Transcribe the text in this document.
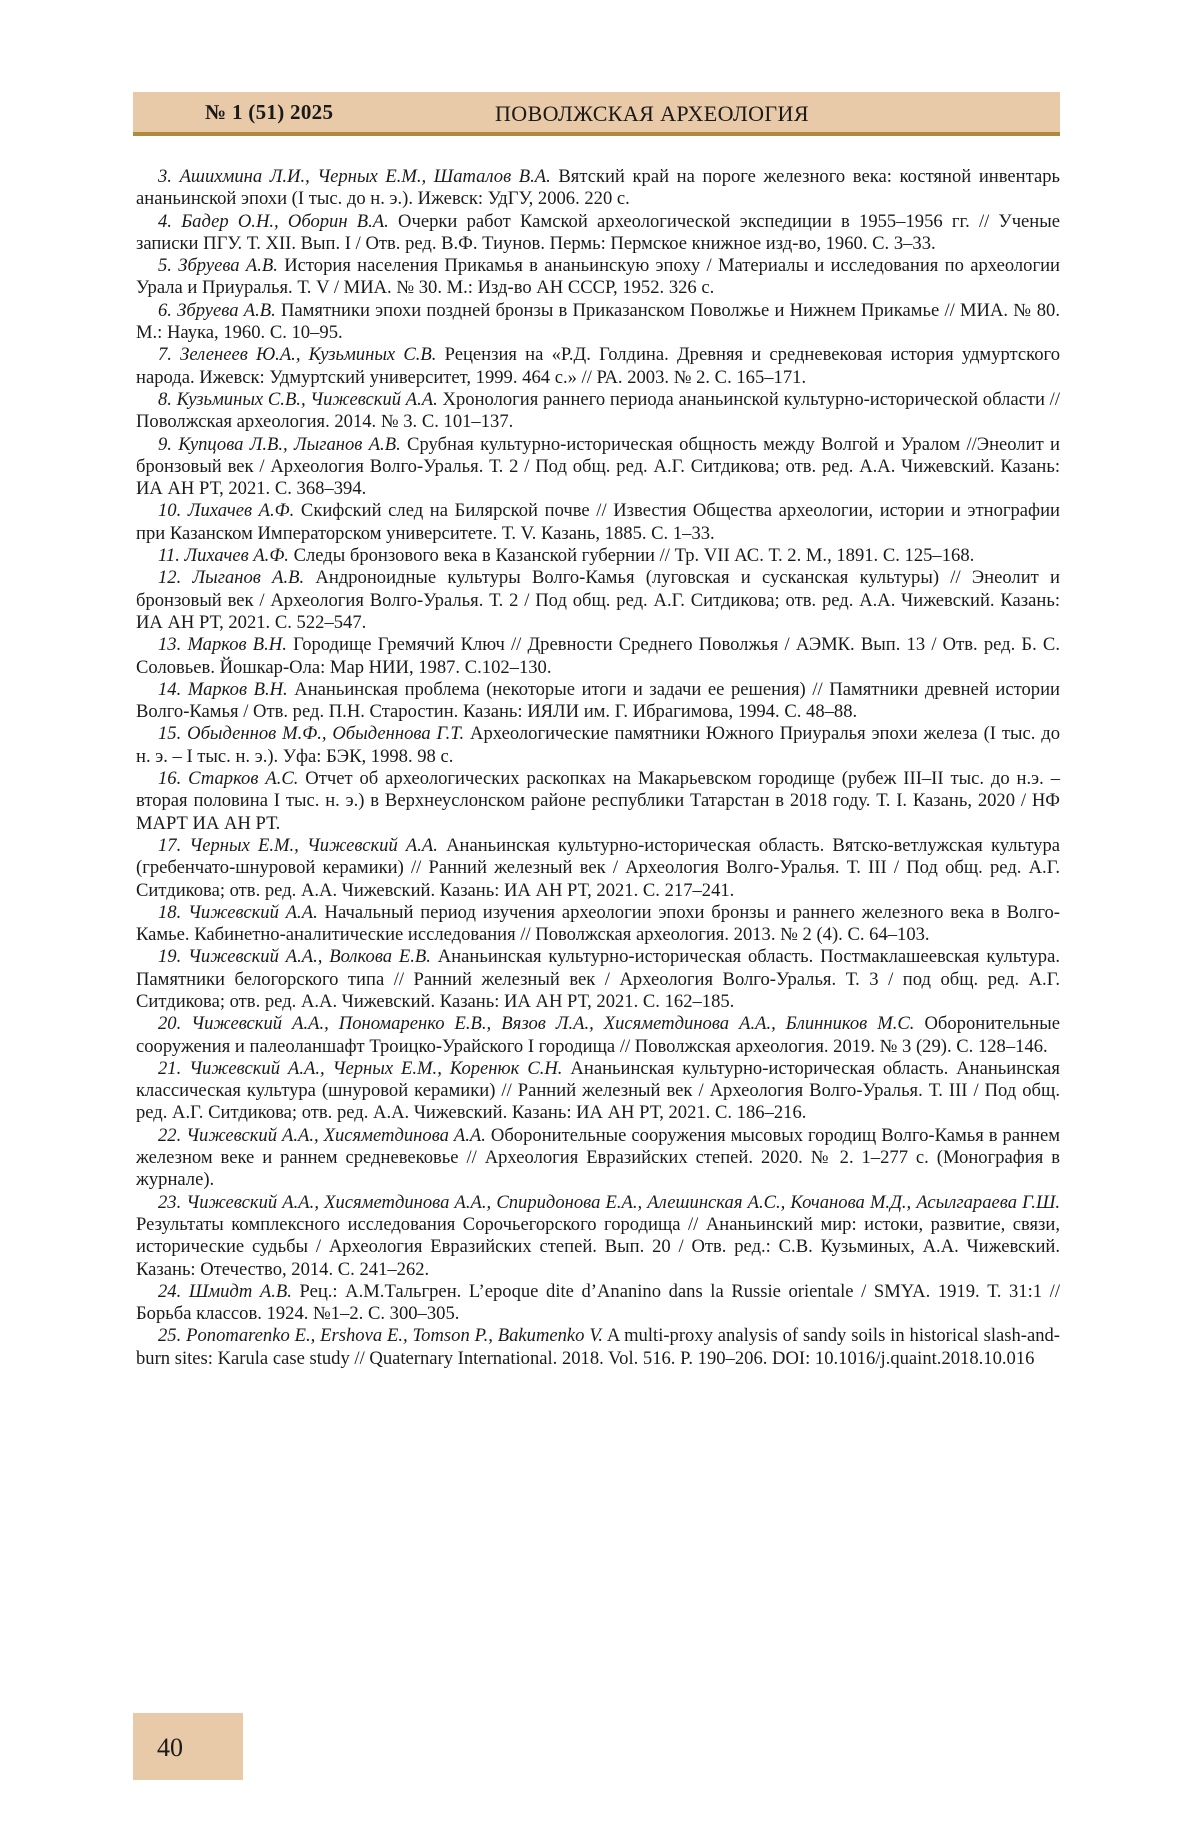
№ 1 (51) 2025	ПОВОЛЖСКАЯ АРХЕОЛОГИЯ

3. Ашихмина Л.И., Черных Е.М., Шаталов В.А. Вятский край на пороге железного века: костяной инвентарь ананьинской эпохи (I тыс. до н. э.). Ижевск: УдГУ, 2006. 220 с.

4. Бадер О.Н., Оборин В.А. Очерки работ Камской археологической экспедиции в 1955–1956 гг. // Ученые записки ПГУ. Т. XII. Вып. I / Отв. ред. В.Ф. Тиунов. Пермь: Пермское книжное изд-во, 1960. С. 3–33.

5. Збруева А.В. История населения Прикамья в ананьинскую эпоху / Материалы и исследования по археологии Урала и Приуралья. Т. V / МИА. № 30. М.: Изд-во АН СССР, 1952. 326 с.

6. Збруева А.В. Памятники эпохи поздней бронзы в Приказанском Поволжье и Нижнем Прикамье // МИА. № 80. М.: Наука, 1960. С. 10–95.

7. Зеленеев Ю.А., Кузьминых С.В. Рецензия на «Р.Д. Голдина. Древняя и средневековая история удмуртского народа. Ижевск: Удмуртский университет, 1999. 464 с.» // РА. 2003. № 2. С. 165–171.

8. Кузьминых С.В., Чижевский А.А. Хронология раннего периода ананьинской культурно-исторической области // Поволжская археология. 2014. № 3. С. 101–137.

9. Купцова Л.В., Лыганов А.В. Срубная культурно-историческая общность между Волгой и Уралом //Энеолит и бронзовый век / Археология Волго-Уралья. Т. 2 / Под общ. ред. А.Г. Ситдикова; отв. ред. А.А. Чижевский. Казань: ИА АН РТ, 2021. С. 368–394.

10. Лихачев А.Ф. Скифский след на Билярской почве // Известия Общества археологии, истории и этнографии при Казанском Императорском университете. Т. V. Казань, 1885. С. 1–33.

11. Лихачев А.Ф. Следы бронзового века в Казанской губернии // Тр. VII АС. Т. 2. М., 1891. С. 125–168.

12. Лыганов А.В. Андроноидные культуры Волго-Камья (луговская и сусканская культуры) // Энеолит и бронзовый век / Археология Волго-Уралья. Т. 2 / Под общ. ред. А.Г. Ситдикова; отв. ред. А.А. Чижевский. Казань: ИА АН РТ, 2021. С. 522–547.

13. Марков В.Н. Городище Гремячий Ключ // Древности Среднего Поволжья / АЭМК. Вып. 13 / Отв. ред. Б. С. Соловьев. Йошкар-Ола: Мар НИИ, 1987. С.102–130.

14. Марков В.Н. Ананьинская проблема (некоторые итоги и задачи ее решения) // Памятники древней истории Волго-Камья / Отв. ред. П.Н. Старостин. Казань: ИЯЛИ им. Г. Ибрагимова, 1994. С. 48–88.

15. Обыденнов М.Ф., Обыденнова Г.Т. Археологические памятники Южного Приуралья эпохи железа (I тыс. до н. э. – I тыс. н. э.). Уфа: БЭК, 1998. 98 с.

16. Старков А.С. Отчет об археологических раскопках на Макарьевском городище (рубеж III–II тыс. до н.э. – вторая половина I тыс. н. э.) в Верхнеуслонском районе республики Татарстан в 2018 году. Т. I. Казань, 2020 / НФ МАРТ ИА АН РТ.

17. Черных Е.М., Чижевский А.А. Ананьинская культурно-историческая область. Вятско-ветлужская культура (гребенчато-шнуровой керамики) // Ранний железный век / Археология Волго-Уралья. Т. III / Под общ. ред. А.Г. Ситдикова; отв. ред. А.А. Чижевский. Казань: ИА АН РТ, 2021. С. 217–241.

18. Чижевский А.А. Начальный период изучения археологии эпохи бронзы и раннего железного века в Волго-Камье. Кабинетно-аналитические исследования // Поволжская археология. 2013. № 2 (4). С. 64–103.

19. Чижевский А.А., Волкова Е.В. Ананьинская культурно-историческая область. Постмаклашеевская культура. Памятники белогорского типа // Ранний железный век / Археология Волго-Уралья. Т. 3 / под общ. ред. А.Г. Ситдикова; отв. ред. А.А. Чижевский. Казань: ИА АН РТ, 2021. С. 162–185.

20. Чижевский А.А., Пономаренко Е.В., Вязов Л.А., Хисяметдинова А.А., Блинников М.С. Оборонительные сооружения и палеоланшафт Троицко-Урайского I городища // Поволжская археология. 2019. № 3 (29). С. 128–146.

21. Чижевский А.А., Черных Е.М., Коренюк С.Н. Ананьинская культурно-историческая область. Ананьинская классическая культура (шнуровой керамики) // Ранний железный век / Археология Волго-Уралья. Т. III / Под общ. ред. А.Г. Ситдикова; отв. ред. А.А. Чижевский. Казань: ИА АН РТ, 2021. С. 186–216.

22. Чижевский А.А., Хисяметдинова А.А. Оборонительные сооружения мысовых городищ Волго-Камья в раннем железном веке и раннем средневековье // Археология Евразийских степей. 2020. № 2. 1–277 с. (Монография в журнале).

23. Чижевский А.А., Хисяметдинова А.А., Спиридонова Е.А., Алешинская А.С., Кочанова М.Д., Асылгараева Г.Ш. Результаты комплексного исследования Сорочьегорского городища // Ананьинский мир: истоки, развитие, связи, исторические судьбы / Археология Евразийских степей. Вып. 20 / Отв. ред.: С.В. Кузьминых, А.А. Чижевский. Казань: Отечество, 2014. С. 241–262.

24. Шмидт А.В. Рец.: А.М.Тальгрен. L’epoque dite d’Ananino dans la Russie orientale / SMYA. 1919. Т. 31:1 // Борьба классов. 1924. №1–2. С. 300–305.

25. Ponomarenko E., Ershova E., Tomson P., Bakumenko V. A multi-proxy analysis of sandy soils in historical slash-and-burn sites: Karula case study // Quaternary International. 2018. Vol. 516. P. 190–206. DOI: 10.1016/j.quaint.2018.10.016

40
